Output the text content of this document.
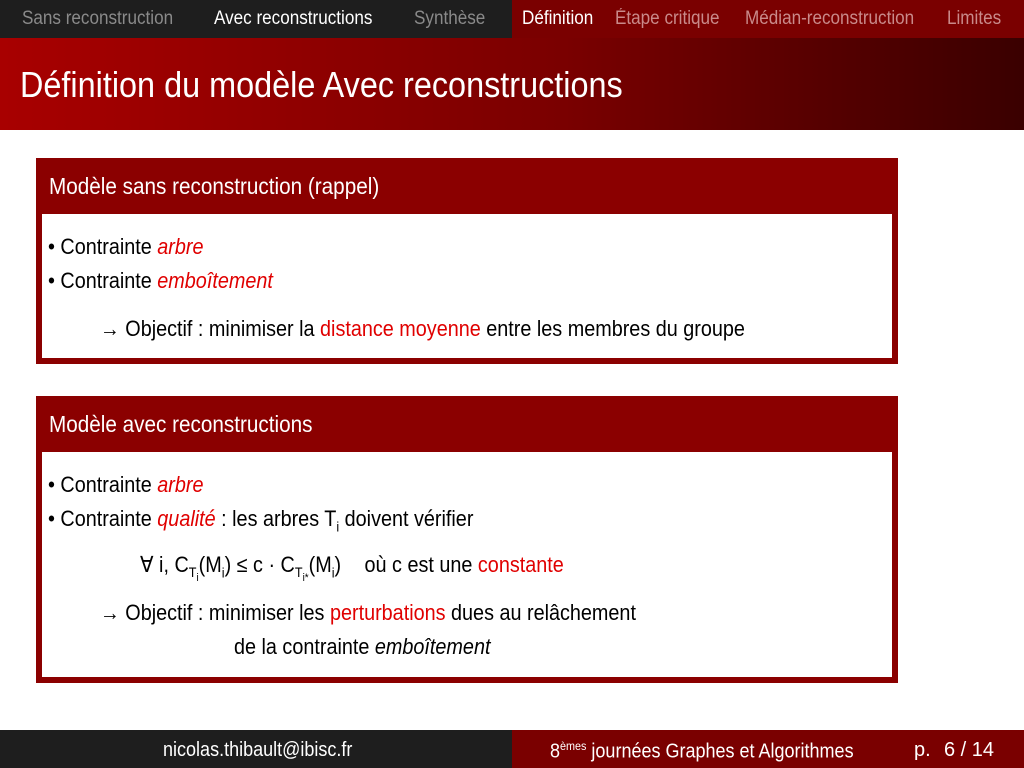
Sans reconstruction Avec reconstructions Synthèse Définition Étape critique Médian-reconstruction Limites
Définition du modèle Avec reconstructions
Modèle sans reconstruction (rappel)
• Contrainte arbre
• Contrainte emboîtement
→ Objectif : minimiser la distance moyenne entre les membres du groupe
Modèle avec reconstructions
• Contrainte arbre
• Contrainte qualité : les arbres $T_i$ doivent vérifier
∀ i, $C_{T_i}(M_i) \le c \cdot C_{T_{i*}}(M_i)$ où c est une constante
→ Objectif : minimiser les perturbations dues au relâchement
de la contrainte emboîtement
nicolas.thibault@ibisc.fr	8èmes journées Graphes et Algorithmes	p. 6 / 14
